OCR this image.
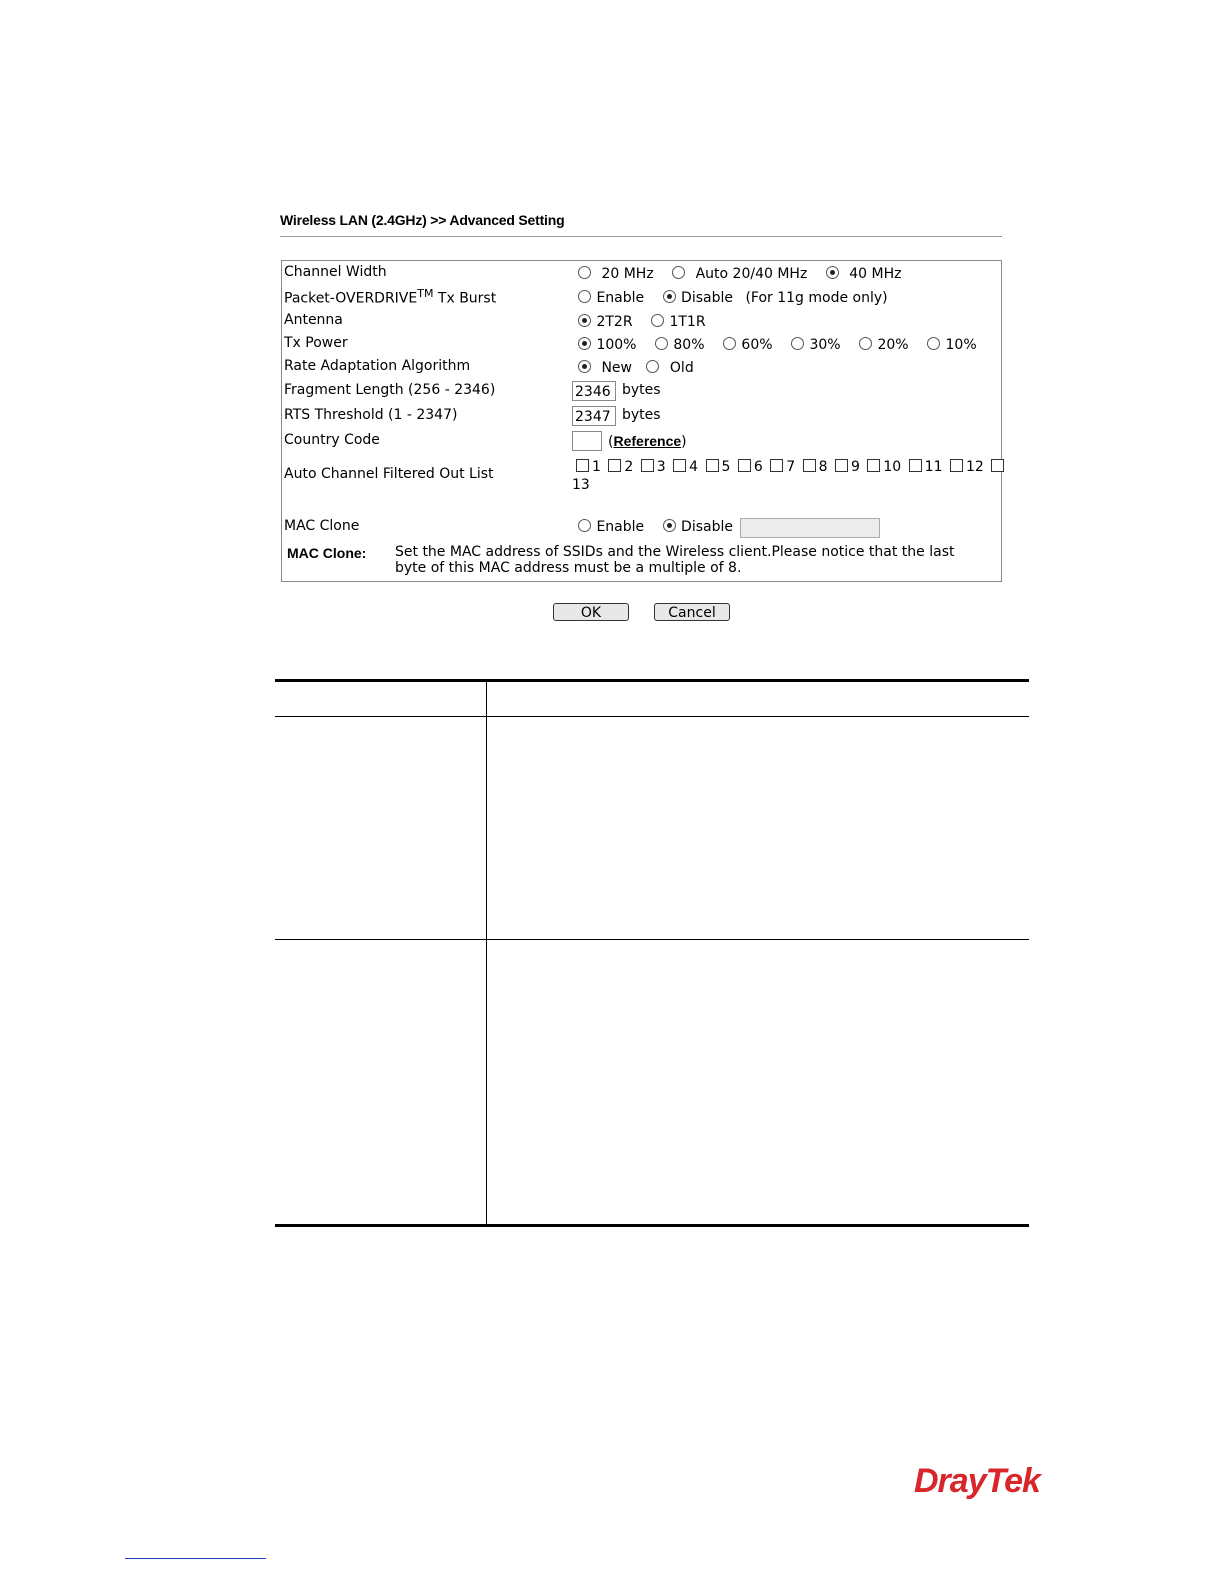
Wireless LAN (2.4GHz) >> Advanced Setting
Channel Width	20 MHz	Auto 20/40 MHz	40 MHz
Packet-OVERDRIVE™ Tx Burst	Enable	Disable (For 11g mode only)
Antenna	2T2R	1T1R
Tx Power	100%	80%	60%	30%	20%	10%
Rate Adaptation Algorithm	New	Old
Fragment Length (256 - 2346)	2346 bytes
RTS Threshold (1 - 2347)	2347 bytes
Country Code	(Reference)
Auto Channel Filtered Out List	1 2 3 4 5 6 7 8 9 10 11 12
13
MAC Clone	Enable	Disable
MAC Clone: Set the MAC address of SSIDs and the Wireless client.Please notice that the last
byte of this MAC address must be a multiple of 8.
OK	Cancel
DrayTek
